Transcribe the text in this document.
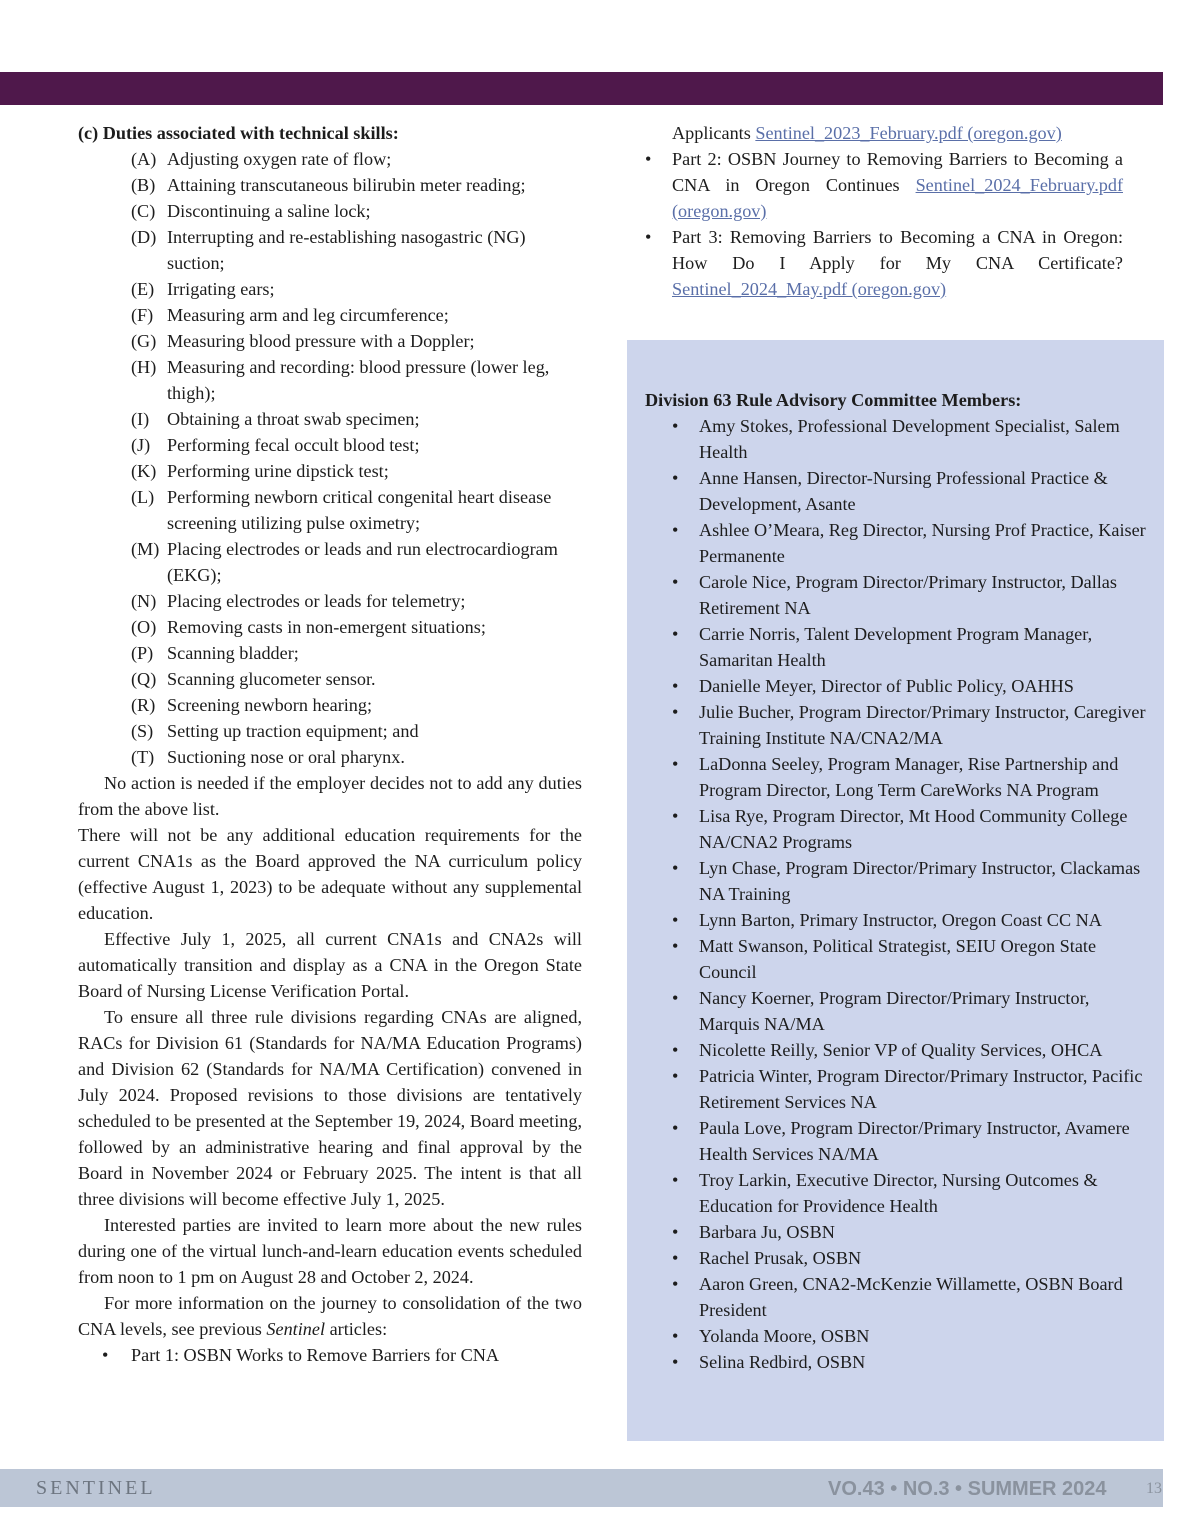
(c) Duties associated with technical skills:
(A) Adjusting oxygen rate of flow;
(B) Attaining transcutaneous bilirubin meter reading;
(C) Discontinuing a saline lock;
(D) Interrupting and re-establishing nasogastric (NG) suction;
(E) Irrigating ears;
(F) Measuring arm and leg circumference;
(G) Measuring blood pressure with a Doppler;
(H) Measuring and recording: blood pressure (lower leg, thigh);
(I) Obtaining a throat swab specimen;
(J) Performing fecal occult blood test;
(K) Performing urine dipstick test;
(L) Performing newborn critical congenital heart disease screening utilizing pulse oximetry;
(M) Placing electrodes or leads and run electrocardiogram (EKG);
(N) Placing electrodes or leads for telemetry;
(O) Removing casts in non-emergent situations;
(P) Scanning bladder;
(Q) Scanning glucometer sensor.
(R) Screening newborn hearing;
(S) Setting up traction equipment; and
(T) Suctioning nose or oral pharynx.

No action is needed if the employer decides not to add any duties from the above list.

There will not be any additional education requirements for the current CNA1s as the Board approved the NA curriculum policy (effective August 1, 2023) to be adequate without any supplemental education.

Effective July 1, 2025, all current CNA1s and CNA2s will automatically transition and display as a CNA in the Oregon State Board of Nursing License Verification Portal.

To ensure all three rule divisions regarding CNAs are aligned, RACs for Division 61 (Standards for NA/MA Education Programs) and Division 62 (Standards for NA/MA Certification) convened in July 2024. Proposed revisions to those divisions are tentatively scheduled to be presented at the September 19, 2024, Board meeting, followed by an administrative hearing and final approval by the Board in November 2024 or February 2025. The intent is that all three divisions will become effective July 1, 2025.

Interested parties are invited to learn more about the new rules during one of the virtual lunch-and-learn education events scheduled from noon to 1 pm on August 28 and October 2, 2024.

For more information on the journey to consolidation of the two CNA levels, see previous Sentinel articles:

• Part 1: OSBN Works to Remove Barriers for CNA
Applicants Sentinel_2023_February.pdf (oregon.gov)
• Part 2: OSBN Journey to Removing Barriers to Becoming a CNA in Oregon Continues Sentinel_2024_February.pdf (oregon.gov)
• Part 3: Removing Barriers to Becoming a CNA in Oregon: How Do I Apply for My CNA Certificate? Sentinel_2024_May.pdf (oregon.gov)
Division 63 Rule Advisory Committee Members:
• Amy Stokes, Professional Development Specialist, Salem Health
• Anne Hansen, Director-Nursing Professional Practice & Development, Asante
• Ashlee O’Meara, Reg Director, Nursing Prof Practice, Kaiser Permanente
• Carole Nice, Program Director/Primary Instructor, Dallas Retirement NA
• Carrie Norris, Talent Development Program Manager, Samaritan Health
• Danielle Meyer, Director of Public Policy, OAHHS
• Julie Bucher, Program Director/Primary Instructor, Caregiver Training Institute NA/CNA2/MA
• LaDonna Seeley, Program Manager, Rise Partnership and Program Director, Long Term CareWorks NA Program
• Lisa Rye, Program Director, Mt Hood Community College NA/CNA2 Programs
• Lyn Chase, Program Director/Primary Instructor, Clackamas NA Training
• Lynn Barton, Primary Instructor, Oregon Coast CC NA
• Matt Swanson, Political Strategist, SEIU Oregon State Council
• Nancy Koerner, Program Director/Primary Instructor, Marquis NA/MA
• Nicolette Reilly, Senior VP of Quality Services, OHCA
• Patricia Winter, Program Director/Primary Instructor, Pacific Retirement Services NA
• Paula Love, Program Director/Primary Instructor, Avamere Health Services NA/MA
• Troy Larkin, Executive Director, Nursing Outcomes & Education for Providence Health
• Barbara Ju, OSBN
• Rachel Prusak, OSBN
• Aaron Green, CNA2-McKenzie Willamette, OSBN Board President
• Yolanda Moore, OSBN
• Selina Redbird, OSBN
SENTINEL	VO.43 • NO.3 • SUMMER 2024 13
